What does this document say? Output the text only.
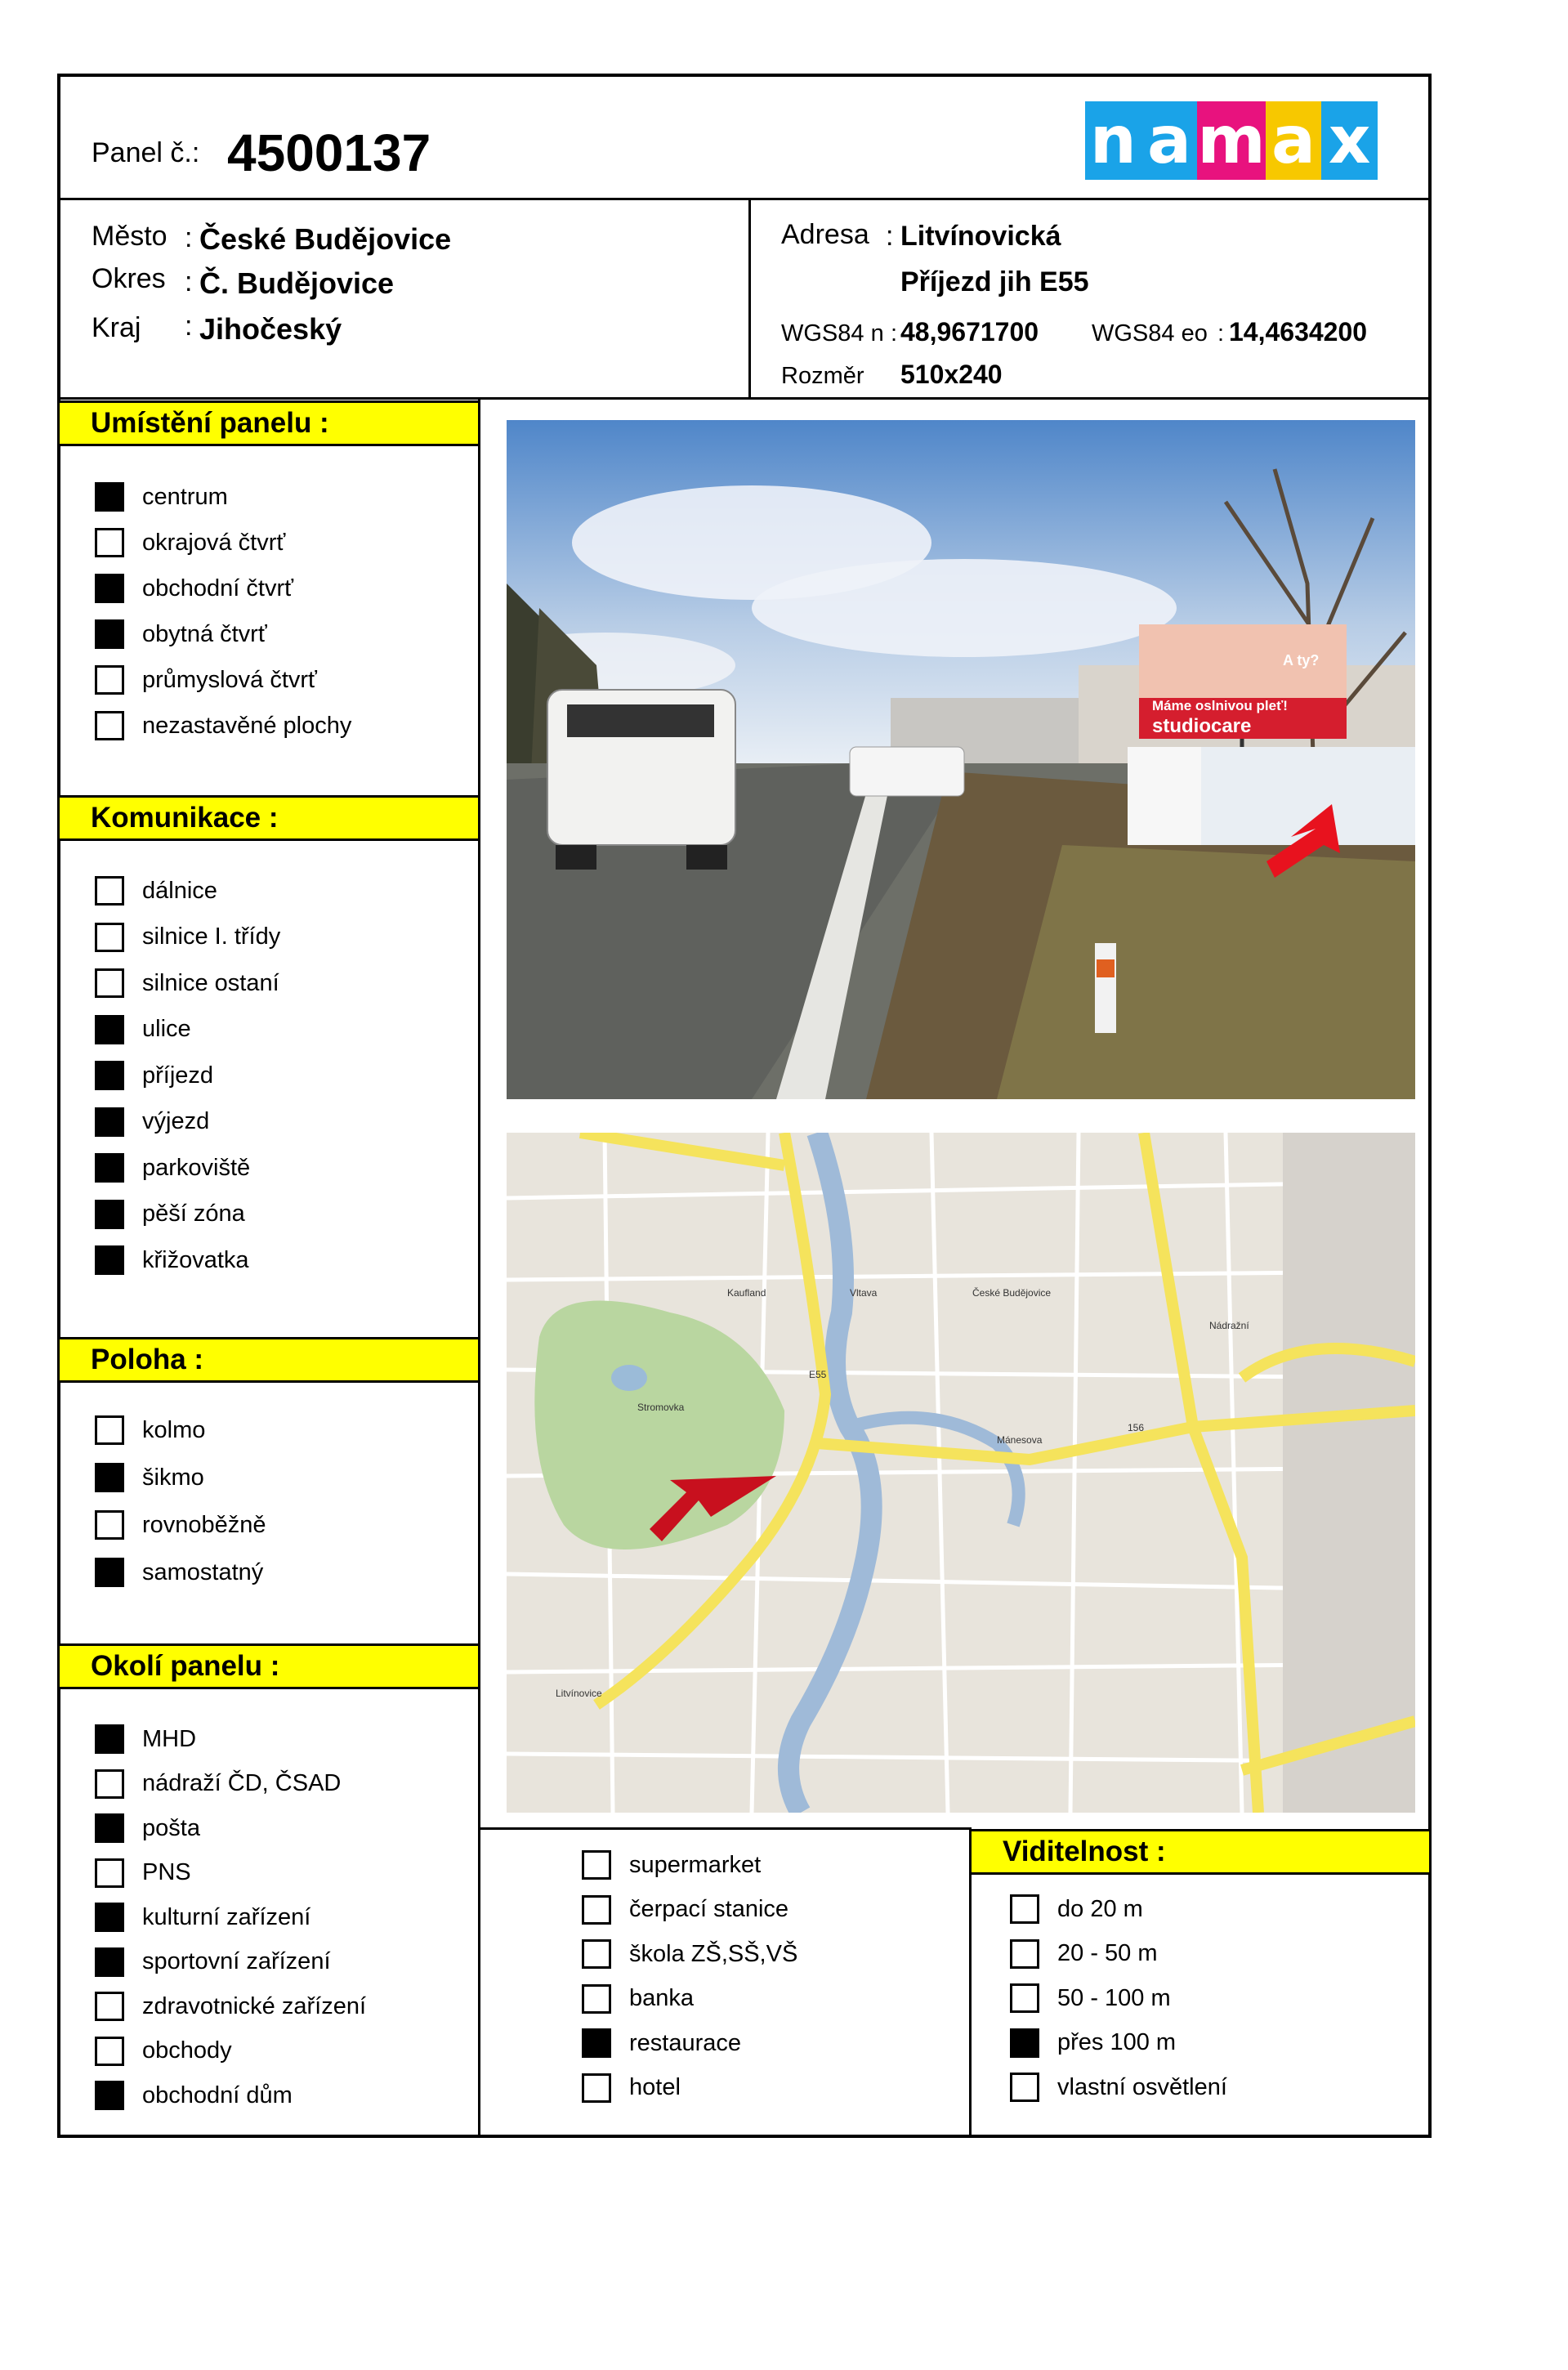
Panel č.: 4500137	n a m a x
Město : České Budějovice
Okres : Č. Budějovice
Kraj : Jihočeský
Adresa : Litvínovická
Příjezd jih E55
WGS84 n : 48,9671700 WGS84 eo : 14,4634200
Rozměr 510x240
Umístění panelu :
Komunikace :
Poloha :
Okolí panelu :
Viditelnost :
centrum
okrajová čtvrť
obchodní čtvrť
obytná čtvrť
průmyslová čtvrť
nezastavěné plochy
dálnice
silnice I. třídy
silnice ostaní
ulice
příjezd
výjezd
parkoviště
pěší zóna
křižovatka
kolmo
šikmo
rovnoběžně
samostatný
MHD
nádraží ČD, ČSAD
pošta
PNS
kulturní zařízení
sportovní zařízení
zdravotnické zařízení
obchody
obchodní dům
supermarket
čerpací stanice
škola ZŠ,SŠ,VŠ
banka
restaurace
hotel
do 20 m
20 - 50 m
50 - 100 m
přes 100 m
vlastní osvětlení
Máme oslnivou pleť!
A ty?
studiocare
České Budějovice
Vltava
Stromovka
Kaufland
Litvínovice
Mánesova
Nádražní
E55
156
